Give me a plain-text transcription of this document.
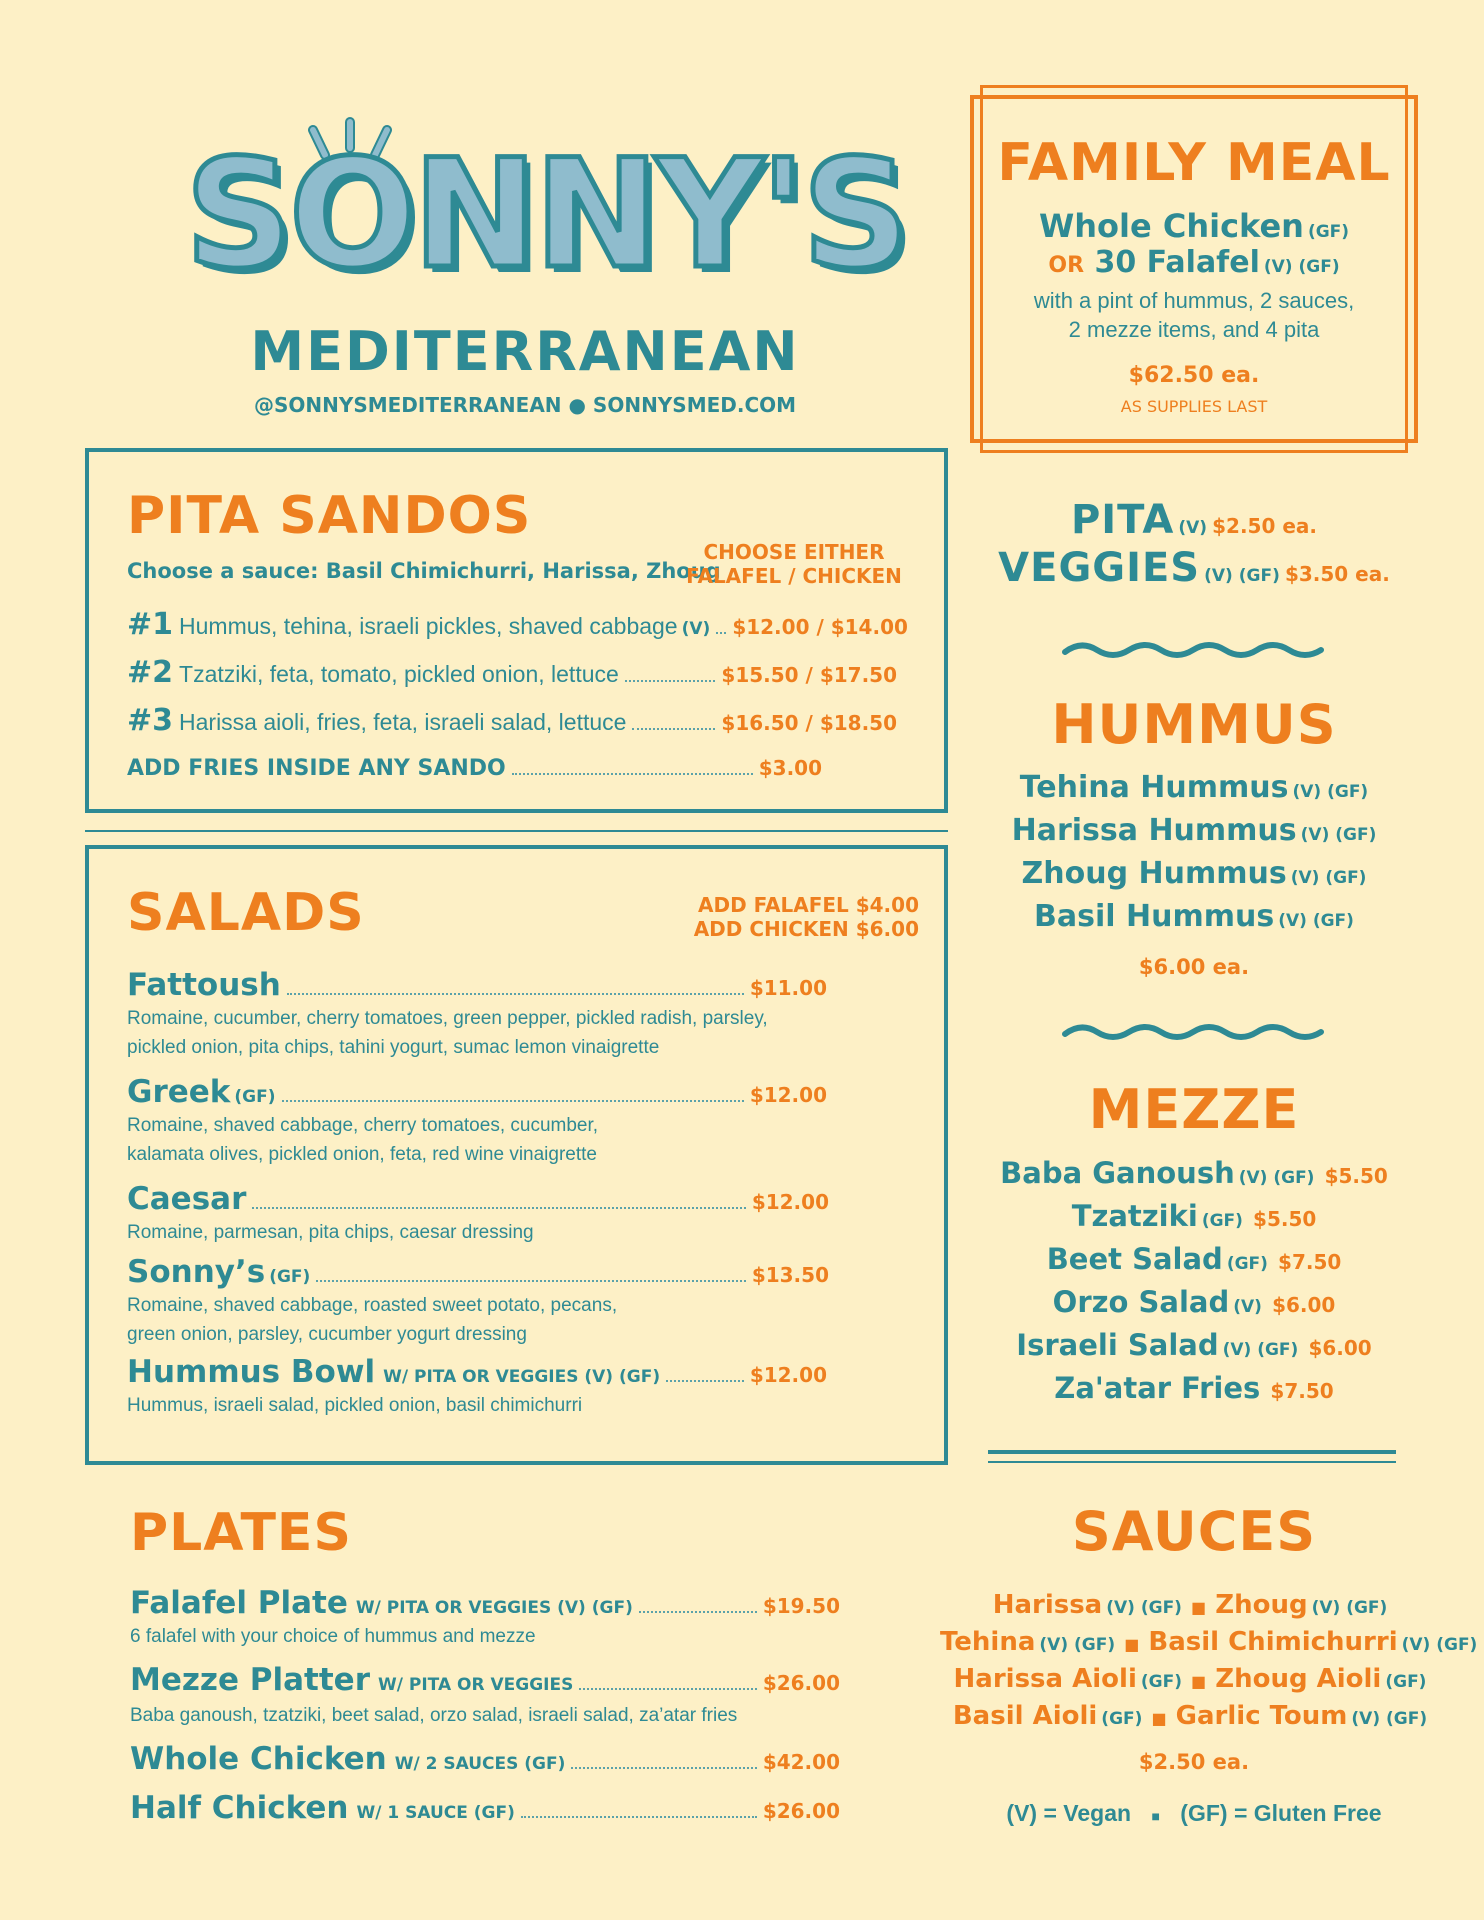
SONNY'S
MEDITERRANEAN
@SONNYSMEDITERRANEAN ● SONNYSMED.COM
FAMILY MEAL
Whole Chicken (GF)
OR 30 Falafel (V) (GF)
with a pint of hummus, 2 sauces,
2 mezze items, and 4 pita
$62.50 ea.
AS SUPPLIES LAST
PITA SANDOS
Choose a sauce: Basil Chimichurri, Harissa, Zhoug
CHOOSE EITHER
FALAFEL / CHICKEN
#1 Hummus, tehina, israeli pickles, shaved cabbage (V) $12.00 / $14.00
#2 Tzatziki, feta, tomato, pickled onion, lettuce	$15.50 / $17.50
#3 Harissa aioli, fries, feta, israeli salad, lettuce	$16.50 / $18.50
ADD FRIES INSIDE ANY SANDO	$3.00
SALADS	ADD FALAFEL $4.00
ADD CHICKEN $6.00
Fattoush	$11.00
Romaine, cucumber, cherry tomatoes, green pepper, pickled radish, parsley,
pickled onion, pita chips, tahini yogurt, sumac lemon vinaigrette
Greek (GF)	$12.00
Romaine, shaved cabbage, cherry tomatoes, cucumber,
kalamata olives, pickled onion, feta, red wine vinaigrette
Caesar	$12.00
Romaine, parmesan, pita chips, caesar dressing
Sonny’s (GF)	$13.50
Romaine, shaved cabbage, roasted sweet potato, pecans,
green onion, parsley, cucumber yogurt dressing
Hummus Bowl W/ PITA OR VEGGIES (V) (GF)	$12.00
Hummus, israeli salad, pickled onion, basil chimichurri
PLATES
Falafel Plate W/ PITA OR VEGGIES (V) (GF)	$19.50
6 falafel with your choice of hummus and mezze
Mezze Platter W/ PITA OR VEGGIES	$26.00
Baba ganoush, tzatziki, beet salad, orzo salad, israeli salad, za’atar fries
Whole Chicken W/ 2 SAUCES (GF)	$42.00
Half Chicken W/ 1 SAUCE (GF)	$26.00
PITA (V) $2.50 ea.
VEGGIES (V) (GF) $3.50 ea.
HUMMUS
Tehina Hummus (V) (GF)
Harissa Hummus (V) (GF)
Zhoug Hummus (V) (GF)
Basil Hummus (V) (GF)
$6.00 ea.
MEZZE
Baba Ganoush (V) (GF) $5.50
Tzatziki (GF) $5.50
Beet Salad (GF) $7.50
Orzo Salad (V) $6.00
Israeli Salad (V) (GF) $6.00
Za'atar Fries $7.50
SAUCES
Harissa (V) (GF) ■ Zhoug (V) (GF)
Tehina (V) (GF) ■ Basil Chimichurri (V) (GF)
Harissa Aioli (GF) ■ Zhoug Aioli (GF)
Basil Aioli (GF) ■ Garlic Toum (V) (GF)
$2.50 ea.
(V) = Vegan ■ (GF) = Gluten Free
